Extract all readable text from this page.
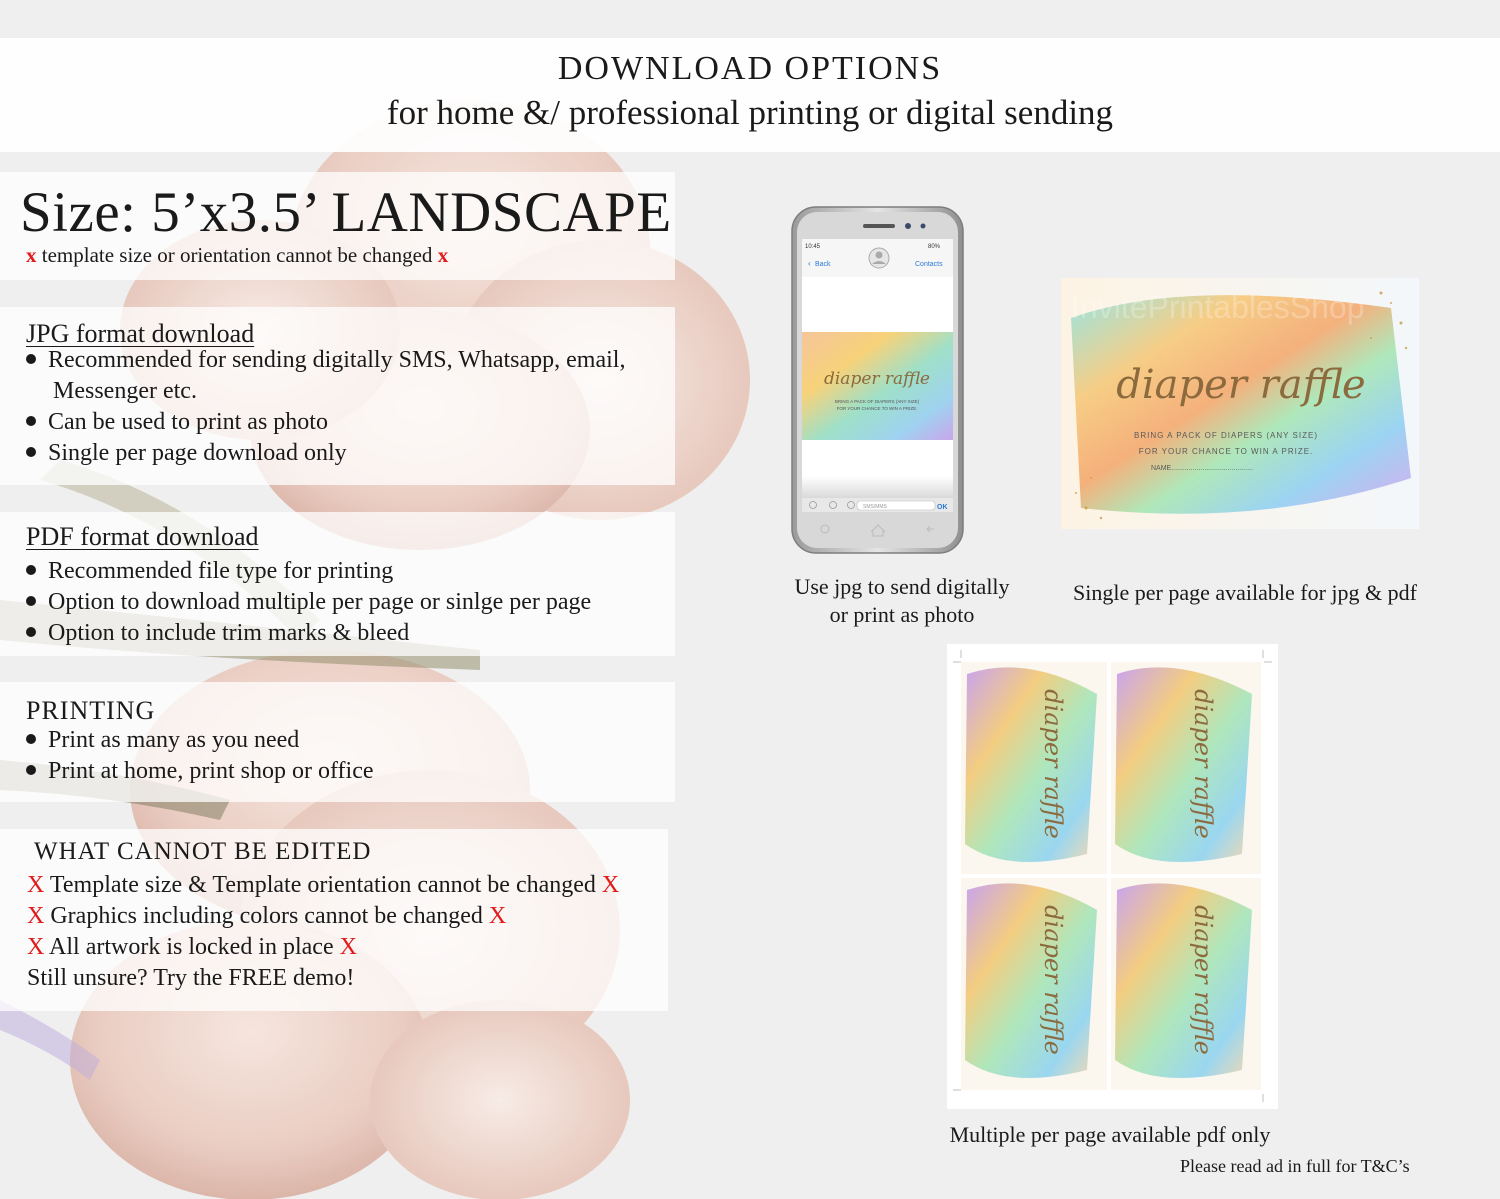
DOWNLOAD OPTIONS
for home &/ professional printing or digital sending
Size: 5’x3.5’ LANDSCAPE
x template size or orientation cannot be changed x
JPG format download
Recommended for sending digitally SMS, Whatsapp, email,
Messenger etc.
Can be used to print as photo
Single per page download only
PDF format download
Recommended file type for printing
Option to download multiple per page or sinlge per page
Option to include trim marks & bleed
PRINTING
Print as many as you need
Print at home, print shop or office
WHAT CANNOT BE EDITED
X Template size & Template orientation cannot be changed X
X Graphics including colors cannot be changed X
X All artwork is locked in place X
Still unsure? Try the FREE demo!
10:45	80%
Back
‹	Contacts
diaper raffle
BRING A PACK OF DIAPERS (ANY SIZE)
FOR YOUR CHANCE TO WIN A PRIZE.
SMS/MMS	OK
Use jpg to send digitally
or print as photo
InvitePrintablesShop
diaper raffle
BRING A PACK OF DIAPERS (ANY SIZE)
FOR YOUR CHANCE TO WIN A PRIZE.
NAME..........................................
Single per page available for jpg & pdf
diaper raffle	diaper raffle
diaper raffle	diaper raffle
Multiple per page available pdf only
Please read ad in full for T&C’s
